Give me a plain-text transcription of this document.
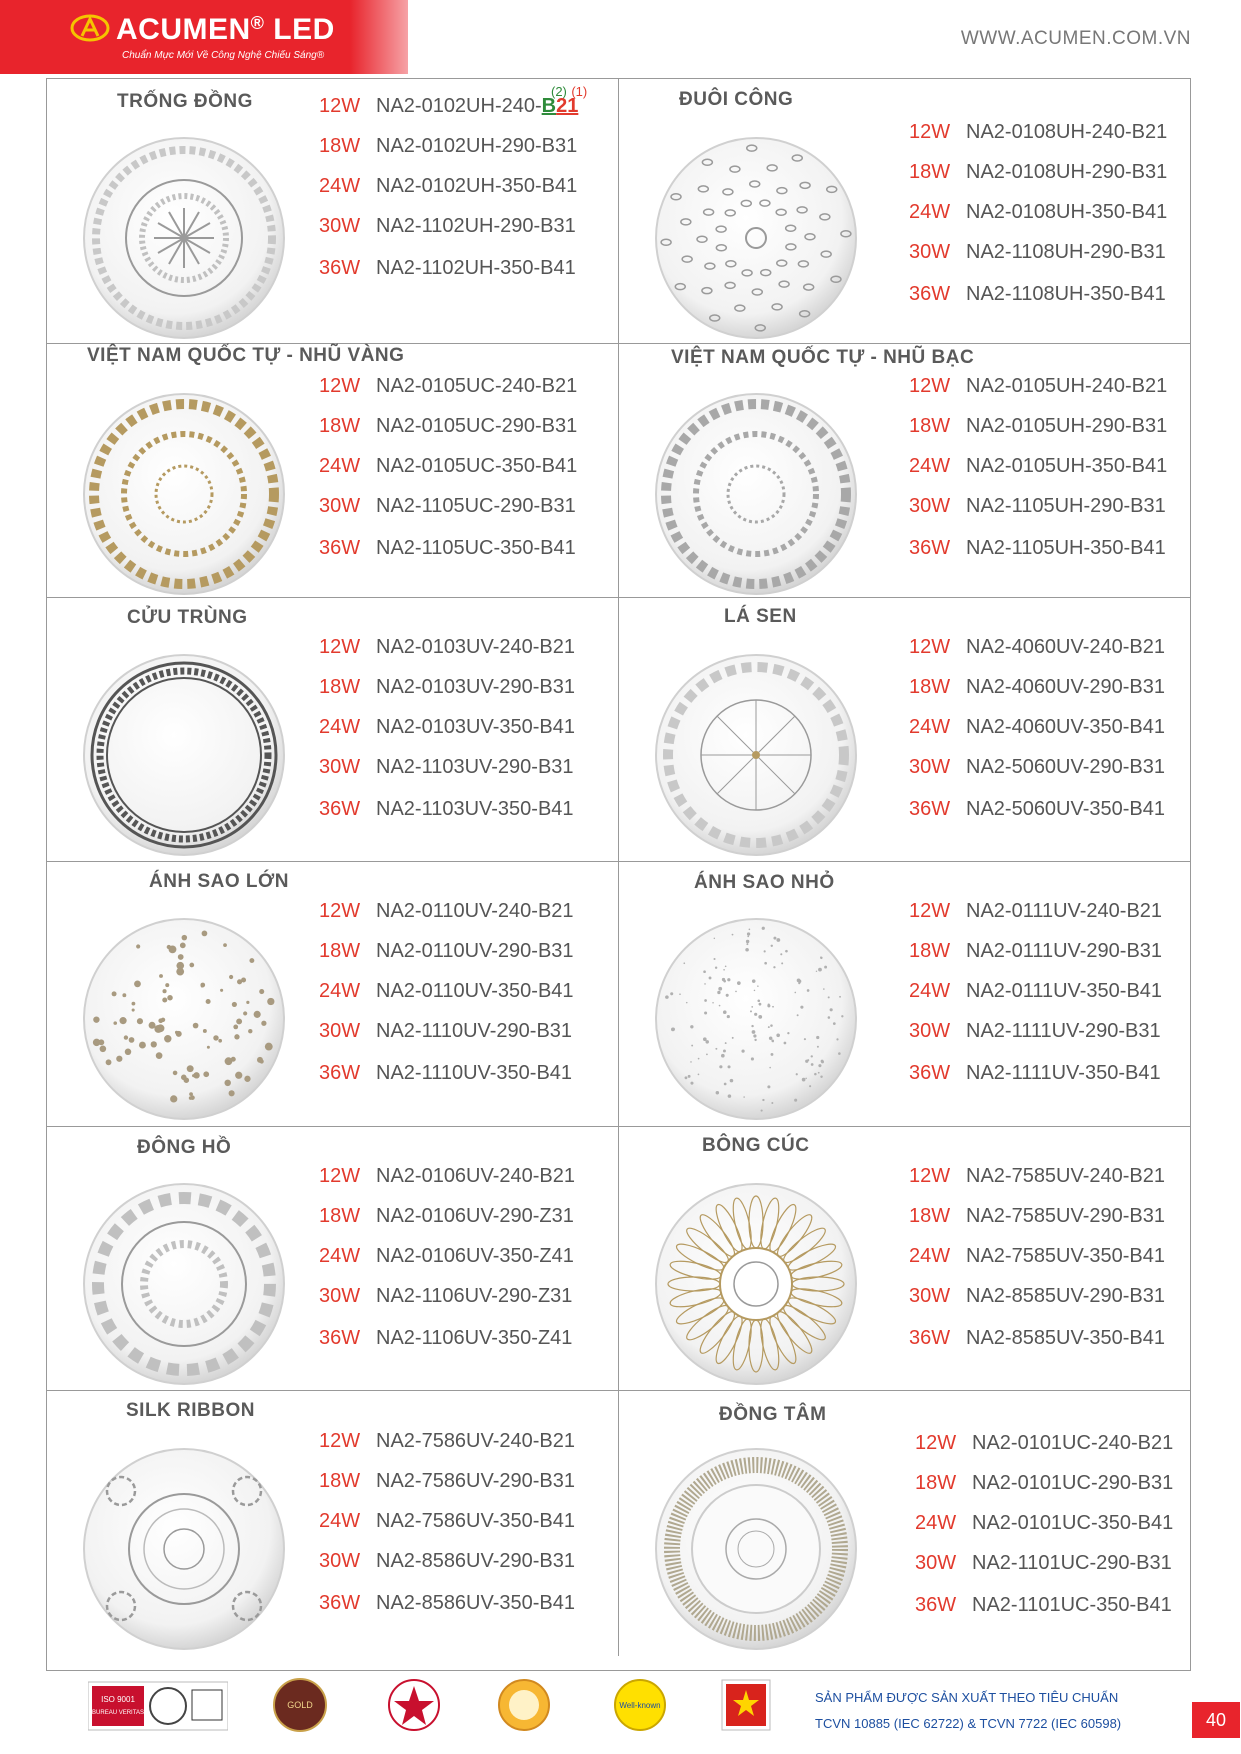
ACUMEN® LED
Chuẩn Mực Mới Về Công Nghệ Chiếu Sáng®
WWW.ACUMEN.COM.VN
TRỐNG ĐỒNG	(2) (1)
12W NA2-0102UH-240-B21
18W NA2-0102UH-290-B31
24W NA2-0102UH-350-B41
30W NA2-1102UH-290-B31
36W NA2-1102UH-350-B41
ĐUÔI CÔNG
12W NA2-0108UH-240-B21
18W NA2-0108UH-290-B31
24W NA2-0108UH-350-B41
30W NA2-1108UH-290-B31
36W NA2-1108UH-350-B41
VIỆT NAM QUỐC TỰ - NHŨ VÀNG
12W NA2-0105UC-240-B21
18W NA2-0105UC-290-B31
24W NA2-0105UC-350-B41
30W NA2-1105UC-290-B31
36W NA2-1105UC-350-B41
VIỆT NAM QUỐC TỰ - NHŨ BẠC
12W NA2-0105UH-240-B21
18W NA2-0105UH-290-B31
24W NA2-0105UH-350-B41
30W NA2-1105UH-290-B31
36W NA2-1105UH-350-B41
CỬU TRÙNG
12W NA2-0103UV-240-B21
18W NA2-0103UV-290-B31
24W NA2-0103UV-350-B41
30W NA2-1103UV-290-B31
36W NA2-1103UV-350-B41
LÁ SEN
12W NA2-4060UV-240-B21
18W NA2-4060UV-290-B31
24W NA2-4060UV-350-B41
30W NA2-5060UV-290-B31
36W NA2-5060UV-350-B41
ÁNH SAO LỚN
12W NA2-0110UV-240-B21
18W NA2-0110UV-290-B31
24W NA2-0110UV-350-B41
30W NA2-1110UV-290-B31
36W NA2-1110UV-350-B41
ÁNH SAO NHỎ
12W NA2-0111UV-240-B21
18W NA2-0111UV-290-B31
24W NA2-0111UV-350-B41
30W NA2-1111UV-290-B31
36W NA2-1111UV-350-B41
ĐÔNG HỒ
12W NA2-0106UV-240-B21
18W NA2-0106UV-290-Z31
24W NA2-0106UV-350-Z41
30W NA2-1106UV-290-Z31
36W NA2-1106UV-350-Z41
BÔNG CÚC
12W NA2-7585UV-240-B21
18W NA2-7585UV-290-B31
24W NA2-7585UV-350-B41
30W NA2-8585UV-290-B31
36W NA2-8585UV-350-B41
SILK RIBBON
12W NA2-7586UV-240-B21
18W NA2-7586UV-290-B31
24W NA2-7586UV-350-B41
30W NA2-8586UV-290-B31
36W NA2-8586UV-350-B41
ĐỒNG TÂM
12W NA2-0101UC-240-B21
18W NA2-0101UC-290-B31
24W NA2-0101UC-350-B41
30W NA2-1101UC-290-B31
36W NA2-1101UC-350-B41
ISO 9001
BUREAU VERITAS
GOLD	Well-known
SẢN PHẨM ĐƯỢC SẢN XUẤT THEO TIÊU CHUẨN
TCVN 10885 (IEC 62722) & TCVN 7722 (IEC 60598)	40
